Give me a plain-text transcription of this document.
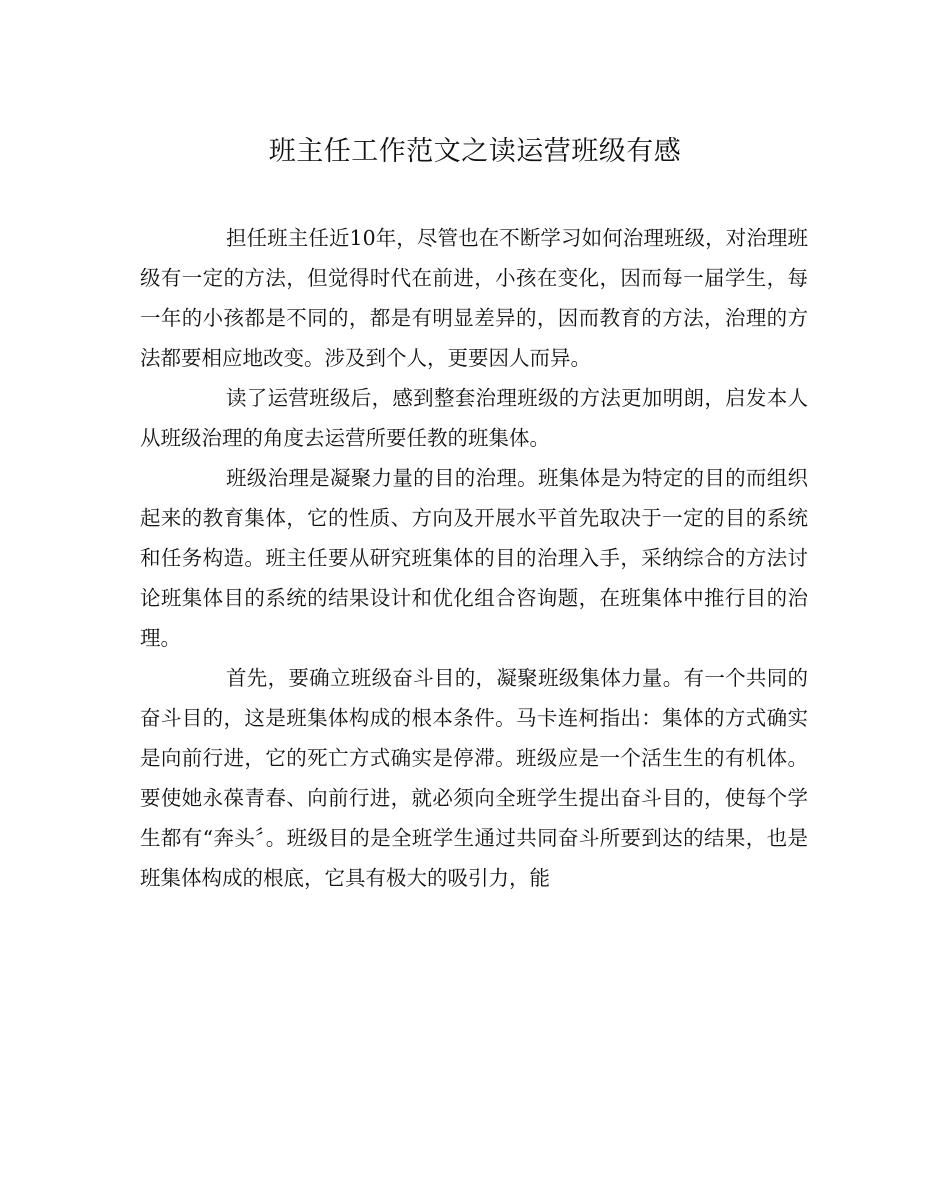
班主任工作范文之读运营班级有感

担任班主任近10年，尽管也在不断学习如何治理班级，对治理班级有一定的方法，但觉得时代在前进，小孩在变化，因而每一届学生，每一年的小孩都是不同的，都是有明显差异的，因而教育的方法，治理的方法都要相应地改变。涉及到个人，更要因人而异。

读了运营班级后，感到整套治理班级的方法更加明朗，启发本人从班级治理的角度去运营所要任教的班集体。

班级治理是凝聚力量的目的治理。班集体是为特定的目的而组织起来的教育集体，它的性质、方向及开展水平首先取决于一定的目的系统和任务构造。班主任要从研究班集体的目的治理入手，采纳综合的方法讨论班集体目的系统的结果设计和优化组合咨询题，在班集体中推行目的治理。

首先，要确立班级奋斗目的，凝聚班级集体力量。有一个共同的奋斗目的，这是班集体构成的根本条件。马卡连柯指出：集体的方式确实是向前行进，它的死亡方式确实是停滞。班级应是一个活生生的有机体。要使她永葆青春、向前行进，就必须向全班学生提出奋斗目的，使每个学生都有“奔头〞。班级目的是全班学生通过共同奋斗所要到达的结果，也是班集体构成的根底，它具有极大的吸引力，能
